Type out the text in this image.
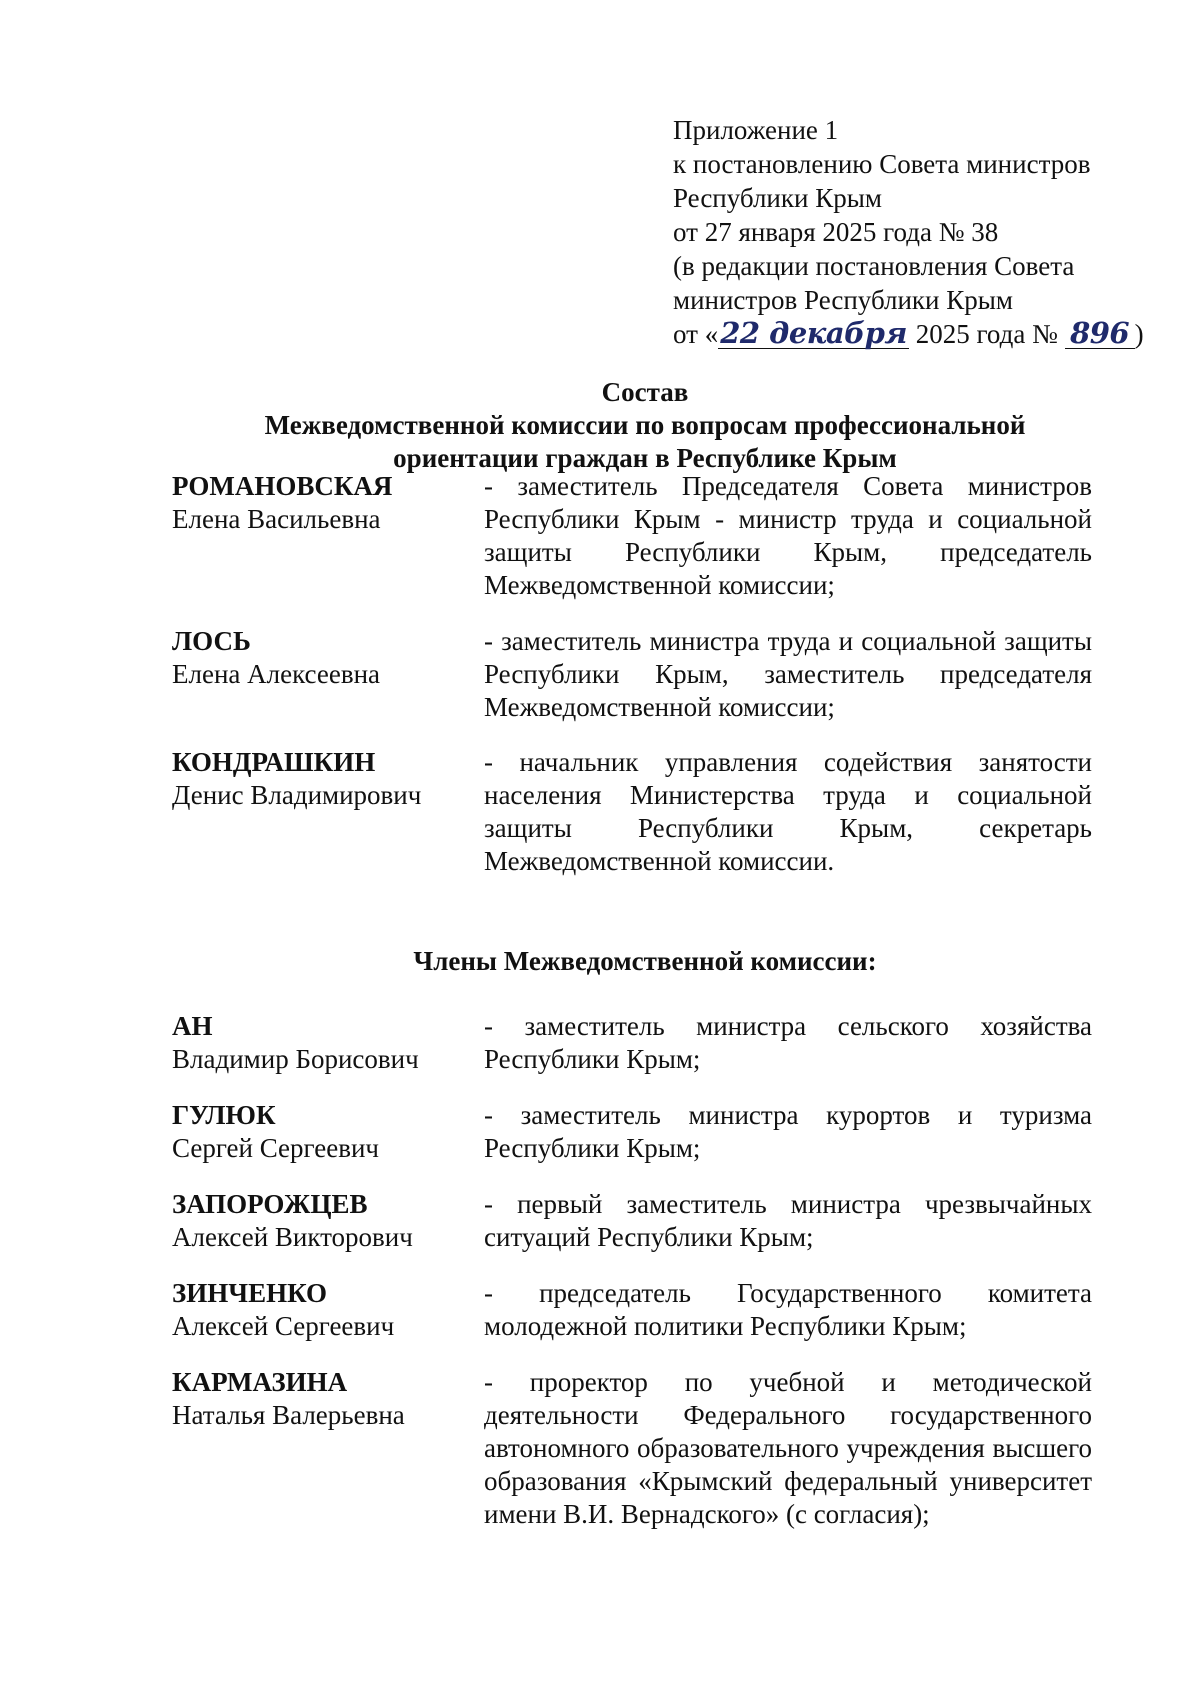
Приложение 1
к постановлению Совета министров
Республики Крым
от 27 января 2025 года № 38
(в редакции постановления Совета
министров Республики Крым
от «22 декабря 2025 года № 896 )
Состав
Межведомственной комиссии по вопросам профессиональной
ориентации граждан в Республике Крым
РОМАНОВСКАЯ
Елена Васильевна
- заместитель Председателя Совета министров Республики Крым - министр труда и социальной защиты Республики Крым, председатель Межведомственной комиссии;
ЛОСЬ
Елена Алексеевна
- заместитель министра труда и социальной защиты Республики Крым, заместитель председателя Межведомственной комиссии;
КОНДРАШКИН
Денис Владимирович
- начальник управления содействия занятости населения Министерства труда и социальной защиты Республики Крым, секретарь Межведомственной комиссии.
Члены Межведомственной комиссии:
АН
Владимир Борисович
- заместитель министра сельского хозяйства Республики Крым;
ГУЛЮК
Сергей Сергеевич
- заместитель министра курортов и туризма Республики Крым;
ЗАПОРОЖЦЕВ
Алексей Викторович
- первый заместитель министра чрезвычайных ситуаций Республики Крым;
ЗИНЧЕНКО
Алексей Сергеевич
- председатель Государственного комитета молодежной политики Республики Крым;
КАРМАЗИНА
Наталья Валерьевна
- проректор по учебной и методической деятельности Федерального государственного автономного образовательного учреждения высшего образования «Крымский федеральный университет имени В.И. Вернадского» (с согласия);
